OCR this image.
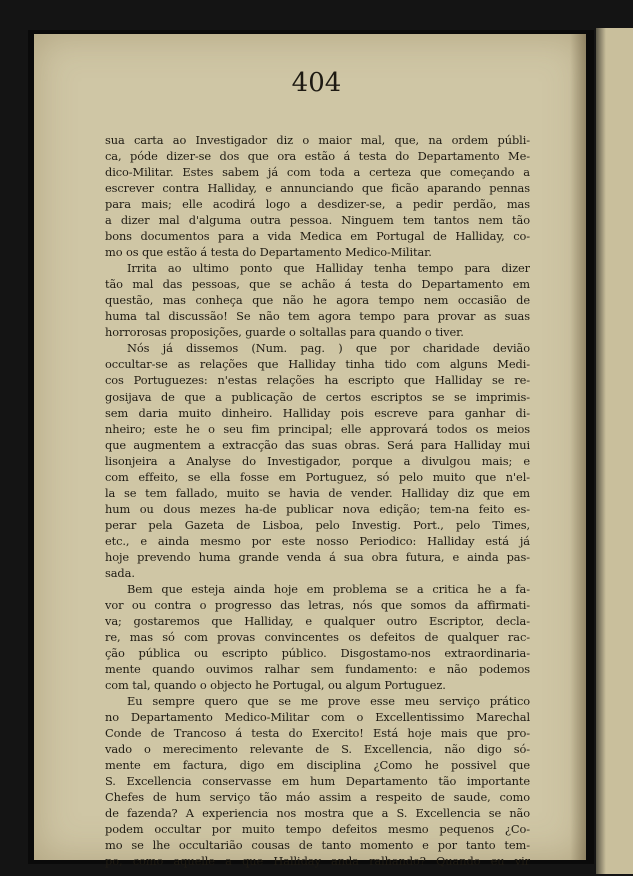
404
sua carta ao Investigador diz o maior mal, que, na ordem públi-
ca, póde dizer-se dos que ora estão á testa do Departamento Me-
dico-Militar. Estes sabem já com toda a certeza que começando a
escrever contra Halliday, e annunciando que ficão aparando pennas
para mais; elle acodirá logo a desdizer-se, a pedir perdão, mas
a dizer mal d'alguma outra pessoa. Ninguem tem tantos nem tão
bons documentos para a vida Medica em Portugal de Halliday, co-
mo os que estão á testa do Departamento Medico-Militar.
Irrita ao ultimo ponto que Halliday tenha tempo para dizer
tão mal das pessoas, que se achão á testa do Departamento em
questão, mas conheça que não he agora tempo nem occasião de
huma tal discussão! Se não tem agora tempo para provar as suas
horrorosas proposições, guarde o soltallas para quando o tiver.
Nós já dissemos (Num. pag. ) que por charidade devião
occultar-se as relações que Halliday tinha tido com alguns Medi-
cos Portuguezes: n'estas relações ha escripto que Halliday se re-
gosijava de que a publicação de certos escriptos se se imprimis-
sem daria muito dinheiro. Halliday pois escreve para ganhar di-
nheiro; este he o seu fim principal; elle approvará todos os meios
que augmentem a extracção das suas obras. Será para Halliday mui
lisonjeira a Analyse do Investigador, porque a divulgou mais; e
com effeito, se ella fosse em Portuguez, só pelo muito que n'el-
la se tem fallado, muito se havia de vender. Halliday diz que em
hum ou dous mezes ha-de publicar nova edição; tem-na feito es-
perar pela Gazeta de Lisboa, pelo Investig. Port., pelo Times,
etc., e ainda mesmo por este nosso Periodico: Halliday está já
hoje prevendo huma grande venda á sua obra futura, e ainda pas-
sada.
Bem que esteja ainda hoje em problema se a critica he a fa-
vor ou contra o progresso das letras, nós que somos da affirmati-
va; gostaremos que Halliday, e qualquer outro Escriptor, decla-
re, mas só com provas convincentes os defeitos de qualquer rac-
ção pública ou escripto público. Disgostamo-nos extraordinaria-
mente quando ouvimos ralhar sem fundamento: e não podemos
com tal, quando o objecto he Portugal, ou algum Portuguez.
Eu sempre quero que se me prove esse meu serviço prático
no Departamento Medico-Militar com o Excellentissimo Marechal
Conde de Trancoso á testa do Exercito! Está hoje mais que pro-
vado o merecimento relevante de S. Excellencia, não digo só-
mente em factura, digo em disciplina ¿Como he possivel que
S. Excellencia conservasse em hum Departamento tão importante
Chefes de hum serviço tão máo assim a respeito de saude, como
de fazenda? A experiencia nos mostra que a S. Excellencia se não
podem occultar por muito tempo defeitos mesmo pequenos ¿Co-
mo se lhe occultarião cousas de tanto momento e por tanto tem-
po, como aquelle a que Halliday anda ralhando? Quando eu vir
